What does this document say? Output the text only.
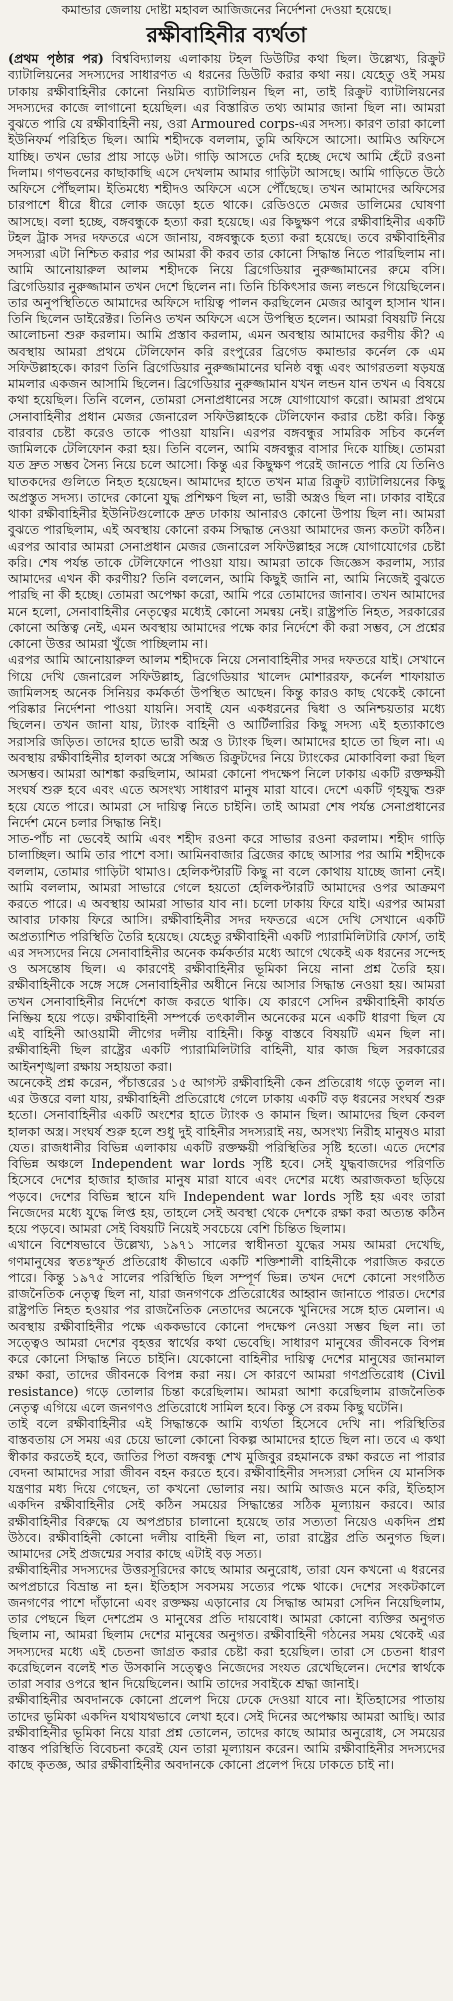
কমান্ডার জেলায় দোষ্টা মহাবল আজিজনের নির্দেশনা দেওয়া হয়েছে।
রক্ষীবাহিনীর ব্যর্থতা

(প্রথম পৃষ্ঠার পর) বিশ্ববিদ্যালয় এলাকায় টহল ডিউটির কথা ছিল। উল্লেখ্য, রিক্রুট ব্যাটালিয়নের সদস্যদের সাধারণত এ ধরনের ডিউটি করার কথা নয়। যেহেতু ওই সময় ঢাকায় রক্ষীবাহিনীর কোনো নিয়মিত ব্যাটালিয়ন ছিল না, তাই রিক্রুট ব্যাটালিয়নের সদস্যদের কাজে লাগানো হয়েছিল। এর বিস্তারিত তথ্য আমার জানা ছিল না। আমরা বুঝতে পারি যে রক্ষীবাহিনী নয়, ওরা Armoured corps-এর সদস্য। কারণ তারা কালো ইউনিফর্ম পরিহিত ছিল। আমি শহীদকে বললাম, তুমি অফিসে আসো। আমিও অফিসে যাচ্ছি। তখন ভোর প্রায় সাড়ে ৬টা। গাড়ি আসতে দেরি হচ্ছে দেখে আমি হেঁটে রওনা দিলাম। গণভবনের কাছাকাছি এসে দেখলাম আমার গাড়িটা আসছে। আমি গাড়িতে উঠে অফিসে পৌঁছলাম। ইতিমধ্যে শহীদও অফিসে এসে পৌঁছেছে। তখন আমাদের অফিসের চারপাশে ধীরে ধীরে লোক জড়ো হতে থাকে। রেডিওতে মেজর ডালিমের ঘোষণা আসছে। বলা হচ্ছে, বঙ্গবন্ধুকে হত্যা করা হয়েছে। এর কিছুক্ষণ পরে রক্ষীবাহিনীর একটি টহল ট্রাক সদর দফতরে এসে জানায়, বঙ্গবন্ধুকে হত্যা করা হয়েছে। তবে রক্ষীবাহিনীর সদস্যরা এটা নিশ্চিত করার পর আমরা কী করব তার কোনো সিদ্ধান্ত নিতে পারছিলাম না। আমি আনোয়ারুল আলম শহীদকে নিয়ে ব্রিগেডিয়ার নুরুজ্জামানের রুমে বসি। ব্রিগেডিয়ার নুরুজ্জামান তখন দেশে ছিলেন না। তিনি চিকিৎসার জন্য লন্ডনে গিয়েছিলেন। তার অনুপস্থিতিতে আমাদের অফিসে দায়িত্ব পালন করছিলেন মেজর আবুল হাসান খান। তিনি ছিলেন ডাইরেক্টর। তিনিও তখন অফিসে এসে উপস্থিত হলেন। আমরা বিষয়টি নিয়ে আলোচনা শুরু করলাম। আমি প্রস্তাব করলাম, এমন অবস্থায় আমাদের করণীয় কী? এ অবস্থায় আমরা প্রথমে টেলিফোন করি রংপুরের ব্রিগেড কমান্ডার কর্নেল কে এম সফিউল্লাহকে। কারণ তিনি ব্রিগেডিয়ার নুরুজ্জামানের ঘনিষ্ঠ বন্ধু এবং আগরতলা ষড়যন্ত্র মামলার একজন আসামি ছিলেন। ব্রিগেডিয়ার নুরুজ্জামান যখন লন্ডন যান তখন এ বিষয়ে কথা হয়েছিল। তিনি বলেন, তোমরা সেনাপ্রধানের সঙ্গে যোগাযোগ করো। আমরা প্রথমে সেনাবাহিনীর প্রধান মেজর জেনারেল সফিউল্লাহকে টেলিফোন করার চেষ্টা করি। কিন্তু বারবার চেষ্টা করেও তাকে পাওয়া যায়নি। এরপর বঙ্গবন্ধুর সামরিক সচিব কর্নেল জামিলকে টেলিফোন করা হয়। তিনি বলেন, আমি বঙ্গবন্ধুর বাসার দিকে যাচ্ছি। তোমরা যত দ্রুত সম্ভব সৈন্য নিয়ে চলে আসো। কিন্তু এর কিছুক্ষণ পরেই জানতে পারি যে তিনিও ঘাতকদের গুলিতে নিহত হয়েছেন। আমাদের হাতে তখন মাত্র রিক্রুট ব্যাটালিয়নের কিছু অপ্রস্তুত সদস্য। তাদের কোনো যুদ্ধ প্রশিক্ষণ ছিল না, ভারী অস্ত্রও ছিল না। ঢাকার বাইরে থাকা রক্ষীবাহিনীর ইউনিটগুলোকে দ্রুত ঢাকায় আনারও কোনো উপায় ছিল না। আমরা বুঝতে পারছিলাম, এই অবস্থায় কোনো রকম সিদ্ধান্ত নেওয়া আমাদের জন্য কতটা কঠিন। এরপর আবার আমরা সেনাপ্রধান মেজর জেনারেল সফিউল্লাহর সঙ্গে যোগাযোগের চেষ্টা করি। শেষ পর্যন্ত তাকে টেলিফোনে পাওয়া যায়। আমরা তাকে জিজ্ঞেস করলাম, স্যার আমাদের এখন কী করণীয়? তিনি বললেন, আমি কিছুই জানি না, আমি নিজেই বুঝতে পারছি না কী হচ্ছে। তোমরা অপেক্ষা করো, আমি পরে তোমাদের জানাব। তখন আমাদের মনে হলো, সেনাবাহিনীর নেতৃত্বের মধ্যেই কোনো সমন্বয় নেই। রাষ্ট্রপতি নিহত, সরকারের কোনো অস্তিত্ব নেই, এমন অবস্থায় আমাদের পক্ষে কার নির্দেশে কী করা সম্ভব, সে প্রশ্নের কোনো উত্তর আমরা খুঁজে পাচ্ছিলাম না।

এরপর আমি আনোয়ারুল আলম শহীদকে নিয়ে সেনাবাহিনীর সদর দফতরে যাই। সেখানে গিয়ে দেখি জেনারেল সফিউল্লাহ, ব্রিগেডিয়ার খালেদ মোশাররফ, কর্নেল শাফায়াত জামিলসহ অনেক সিনিয়র কর্মকর্তা উপস্থিত আছেন। কিন্তু কারও কাছ থেকেই কোনো পরিষ্কার নির্দেশনা পাওয়া যায়নি। সবাই যেন একধরনের দ্বিধা ও অনিশ্চয়তার মধ্যে ছিলেন। তখন জানা যায়, ট্যাংক বাহিনী ও আর্টিলারির কিছু সদস্য এই হত্যাকাণ্ডে সরাসরি জড়িত। তাদের হাতে ভারী অস্ত্র ও ট্যাংক ছিল। আমাদের হাতে তা ছিল না। এ অবস্থায় রক্ষীবাহিনীর হালকা অস্ত্রে সজ্জিত রিক্রুটদের নিয়ে ট্যাংকের মোকাবিলা করা ছিল অসম্ভব। আমরা আশঙ্কা করছিলাম, আমরা কোনো পদক্ষেপ নিলে ঢাকায় একটি রক্তক্ষয়ী সংঘর্ষ শুরু হবে এবং এতে অসংখ্য সাধারণ মানুষ মারা যাবে। দেশে একটি গৃহযুদ্ধ শুরু হয়ে যেতে পারে। আমরা সে দায়িত্ব নিতে চাইনি। তাই আমরা শেষ পর্যন্ত সেনাপ্রধানের নির্দেশ মেনে চলার সিদ্ধান্ত নিই।

সাত-পাঁচ না ভেবেই আমি এবং শহীদ রওনা করে সাভার রওনা করলাম। শহীদ গাড়ি চালাচ্ছিল। আমি তার পাশে বসা। আমিনবাজার ব্রিজের কাছে আসার পর আমি শহীদকে বললাম, তোমার গাড়িটা থামাও। হেলিকপ্টারটি কিছু না বলে কোথায় যাচ্ছে জানা নেই। আমি বললাম, আমরা সাভারে গেলে হয়তো হেলিকপ্টারটি আমাদের ওপর আক্রমণ করতে পারে। এ অবস্থায় আমরা সাভার যাব না। চলো ঢাকায় ফিরে যাই। এরপর আমরা আবার ঢাকায় ফিরে আসি। রক্ষীবাহিনীর সদর দফতরে এসে দেখি সেখানে একটি অপ্রত্যাশিত পরিস্থিতি তৈরি হয়েছে। যেহেতু রক্ষীবাহিনী একটি প্যারামিলিটারি ফোর্স, তাই এর সদস্যদের নিয়ে সেনাবাহিনীর অনেক কর্মকর্তার মধ্যে আগে থেকেই এক ধরনের সন্দেহ ও অসন্তোষ ছিল। এ কারণেই রক্ষীবাহিনীর ভূমিকা নিয়ে নানা প্রশ্ন তৈরি হয়। রক্ষীবাহিনীকে সঙ্গে সঙ্গে সেনাবাহিনীর অধীনে নিয়ে আসার সিদ্ধান্ত নেওয়া হয়। আমরা তখন সেনাবাহিনীর নির্দেশে কাজ করতে থাকি। যে কারণে সেদিন রক্ষীবাহিনী কার্যত নিষ্ক্রিয় হয়ে পড়ে। রক্ষীবাহিনী সম্পর্কে তৎকালীন অনেকের মনে একটি ধারণা ছিল যে এই বাহিনী আওয়ামী লীগের দলীয় বাহিনী। কিন্তু বাস্তবে বিষয়টি এমন ছিল না। রক্ষীবাহিনী ছিল রাষ্ট্রের একটি প্যারামিলিটারি বাহিনী, যার কাজ ছিল সরকারের আইনশৃঙ্খলা রক্ষায় সহায়তা করা।

অনেকেই প্রশ্ন করেন, পঁচাত্তরের ১৫ আগস্ট রক্ষীবাহিনী কেন প্রতিরোধ গড়ে তুলল না। এর উত্তরে বলা যায়, রক্ষীবাহিনী প্রতিরোধে গেলে ঢাকায় একটি বড় ধরনের সংঘর্ষ শুরু হতো। সেনাবাহিনীর একটি অংশের হাতে ট্যাংক ও কামান ছিল। আমাদের ছিল কেবল হালকা অস্ত্র। সংঘর্ষ শুরু হলে শুধু দুই বাহিনীর সদস্যরাই নয়, অসংখ্য নিরীহ মানুষও মারা যেত। রাজধানীর বিভিন্ন এলাকায় একটি রক্তক্ষয়ী পরিস্থিতির সৃষ্টি হতো। এতে দেশের বিভিন্ন অঞ্চলে Independent war lords সৃষ্টি হবে। সেই যুদ্ধবাজদের পরিণতি হিসেবে দেশের হাজার হাজার মানুষ মারা যাবে এবং দেশের মধ্যে অরাজকতা ছড়িয়ে পড়বে। দেশের বিভিন্ন স্থানে যদি Independent war lords সৃষ্টি হয় এবং তারা নিজেদের মধ্যে যুদ্ধে লিপ্ত হয়, তাহলে সেই অবস্থা থেকে দেশকে রক্ষা করা অত্যন্ত কঠিন হয়ে পড়বে। আমরা সেই বিষয়টি নিয়েই সবচেয়ে বেশি চিন্তিত ছিলাম।

এখানে বিশেষভাবে উল্লেখ্য, ১৯৭১ সালের স্বাধীনতা যুদ্ধের সময় আমরা দেখেছি, গণমানুষের স্বতঃস্ফূর্ত প্রতিরোধ কীভাবে একটি শক্তিশালী বাহিনীকে পরাজিত করতে পারে। কিন্তু ১৯৭৫ সালের পরিস্থিতি ছিল সম্পূর্ণ ভিন্ন। তখন দেশে কোনো সংগঠিত রাজনৈতিক নেতৃত্ব ছিল না, যারা জনগণকে প্রতিরোধের আহ্বান জানাতে পারত। দেশের রাষ্ট্রপতি নিহত হওয়ার পর রাজনৈতিক নেতাদের অনেকে খুনিদের সঙ্গে হাত মেলান। এ অবস্থায় রক্ষীবাহিনীর পক্ষে এককভাবে কোনো পদক্ষেপ নেওয়া সম্ভব ছিল না। তা সত্ত্বেও আমরা দেশের বৃহত্তর স্বার্থের কথা ভেবেছি। সাধারণ মানুষের জীবনকে বিপন্ন করে কোনো সিদ্ধান্ত নিতে চাইনি। যেকোনো বাহিনীর দায়িত্ব দেশের মানুষের জানমাল রক্ষা করা, তাদের জীবনকে বিপন্ন করা নয়। সে কারণে আমরা গণপ্রতিরোধ (Civil resistance) গড়ে তোলার চিন্তা করেছিলাম। আমরা আশা করেছিলাম রাজনৈতিক নেতৃত্ব এগিয়ে এলে জনগণও প্রতিরোধে সামিল হবে। কিন্তু সে রকম কিছু ঘটেনি।

তাই বলে রক্ষীবাহিনীর এই সিদ্ধান্তকে আমি ব্যর্থতা হিসেবে দেখি না। পরিস্থিতির বাস্তবতায় সে সময় এর চেয়ে ভালো কোনো বিকল্প আমাদের হাতে ছিল না। তবে এ কথা স্বীকার করতেই হবে, জাতির পিতা বঙ্গবন্ধু শেখ মুজিবুর রহমানকে রক্ষা করতে না পারার বেদনা আমাদের সারা জীবন বহন করতে হবে। রক্ষীবাহিনীর সদস্যরা সেদিন যে মানসিক যন্ত্রণার মধ্য দিয়ে গেছেন, তা কখনো ভোলার নয়। আমি আজও মনে করি, ইতিহাস একদিন রক্ষীবাহিনীর সেই কঠিন সময়ের সিদ্ধান্তের সঠিক মূল্যায়ন করবে। আর রক্ষীবাহিনীর বিরুদ্ধে যে অপপ্রচার চালানো হয়েছে তার সত্যতা নিয়েও একদিন প্রশ্ন উঠবে। রক্ষীবাহিনী কোনো দলীয় বাহিনী ছিল না, তারা রাষ্ট্রের প্রতি অনুগত ছিল। আমাদের সেই প্রজন্মের সবার কাছে এটাই বড় সত্য।

রক্ষীবাহিনীর সদস্যদের উত্তরসূরিদের কাছে আমার অনুরোধ, তারা যেন কখনো এ ধরনের অপপ্রচারে বিভ্রান্ত না হন। ইতিহাস সবসময় সত্যের পক্ষে থাকে। দেশের সংকটকালে জনগণের পাশে দাঁড়ানো এবং রক্তক্ষয় এড়ানোর যে সিদ্ধান্ত আমরা সেদিন নিয়েছিলাম, তার পেছনে ছিল দেশপ্রেম ও মানুষের প্রতি দায়বোধ। আমরা কোনো ব্যক্তির অনুগত ছিলাম না, আমরা ছিলাম দেশের মানুষের অনুগত। রক্ষীবাহিনী গঠনের সময় থেকেই এর সদস্যদের মধ্যে এই চেতনা জাগ্রত করার চেষ্টা করা হয়েছিল। তারা সে চেতনা ধারণ করেছিলেন বলেই শত উসকানি সত্ত্বেও নিজেদের সংযত রেখেছিলেন। দেশের স্বার্থকে তারা সবার ওপরে স্থান দিয়েছিলেন। আমি তাদের সবাইকে শ্রদ্ধা জানাই।

রক্ষীবাহিনীর অবদানকে কোনো প্রলেপ দিয়ে ঢেকে দেওয়া যাবে না। ইতিহাসের পাতায় তাদের ভূমিকা একদিন যথাযথভাবে লেখা হবে। সেই দিনের অপেক্ষায় আমরা আছি। আর রক্ষীবাহিনীর ভূমিকা নিয়ে যারা প্রশ্ন তোলেন, তাদের কাছে আমার অনুরোধ, সে সময়ের বাস্তব পরিস্থিতি বিবেচনা করেই যেন তারা মূল্যায়ন করেন। আমি রক্ষীবাহিনীর সদস্যদের কাছে কৃতজ্ঞ, আর রক্ষীবাহিনীর অবদানকে কোনো প্রলেপ দিয়ে ঢাকতে চাই না।
